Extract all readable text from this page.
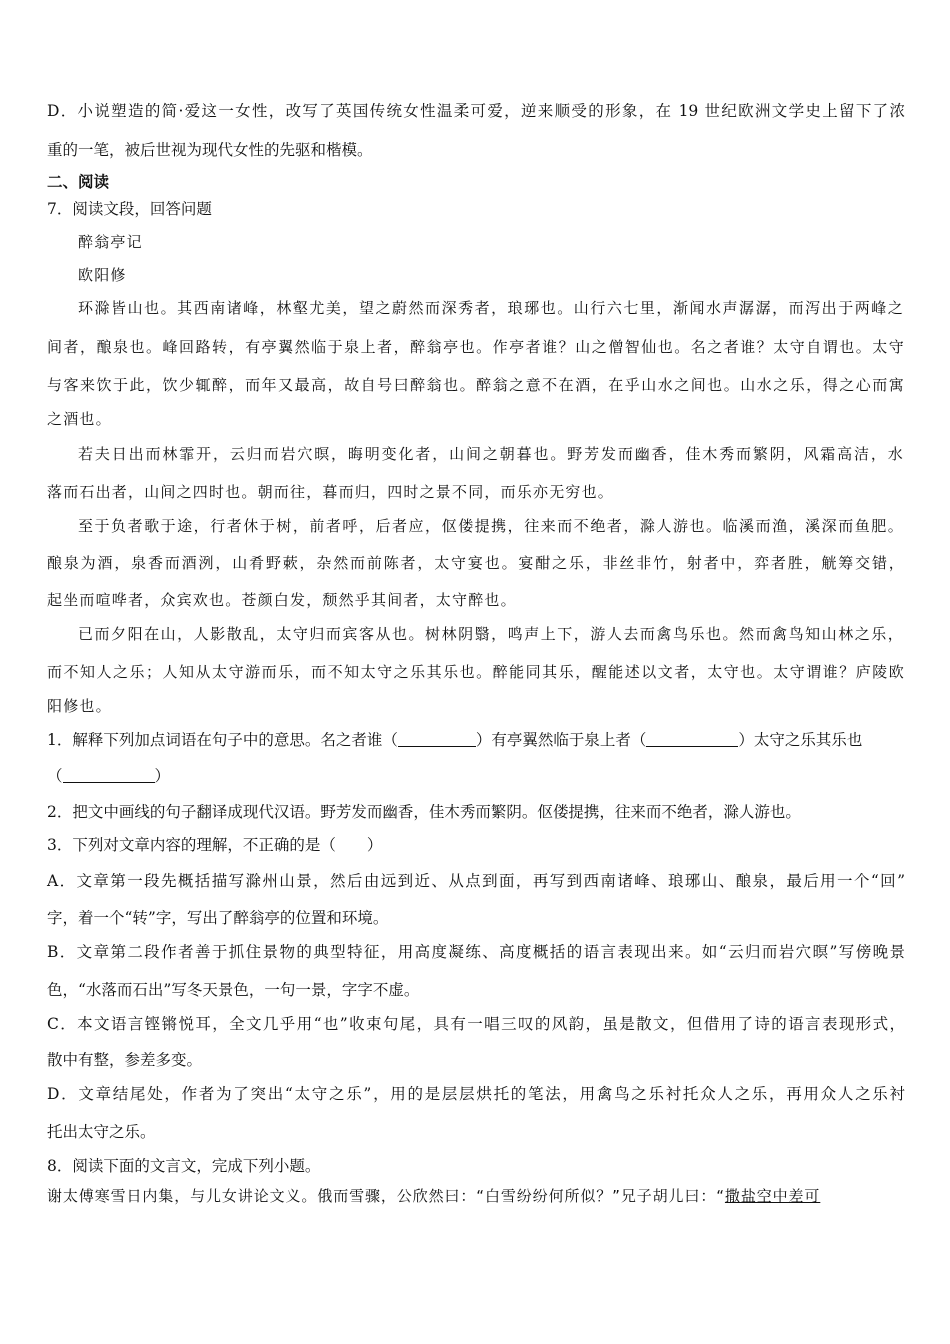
D．小说塑造的简·爱这一女性，改写了英国传统女性温柔可爱，逆来顺受的形象，在 19 世纪欧洲文学史上留下了浓
重的一笔，被后世视为现代女性的先驱和楷模。
二、阅读
7．阅读文段，回答问题
醉翁亭记
欧阳修
环滁皆山也。其西南诸峰，林壑尤美，望之蔚然而深秀者，琅琊也。山行六七里，渐闻水声潺潺，而泻出于两峰之
间者，酿泉也。峰回路转，有亭翼然临于泉上者，醉翁亭也。作亭者谁？山之僧智仙也。名之者谁？太守自谓也。太守
与客来饮于此，饮少辄醉，而年又最高，故自号曰醉翁也。醉翁之意不在酒，在乎山水之间也。山水之乐，得之心而寓
之酒也。
若夫日出而林霏开，云归而岩穴暝，晦明变化者，山间之朝暮也。野芳发而幽香，佳木秀而繁阴，风霜高洁，水
落而石出者，山间之四时也。朝而往，暮而归，四时之景不同，而乐亦无穷也。
至于负者歌于途，行者休于树，前者呼，后者应，伛偻提携，往来而不绝者，滁人游也。临溪而渔，溪深而鱼肥。
酿泉为酒，泉香而酒洌，山肴野蔌，杂然而前陈者，太守宴也。宴酣之乐，非丝非竹，射者中，弈者胜，觥筹交错，
起坐而喧哗者，众宾欢也。苍颜白发，颓然乎其间者，太守醉也。
已而夕阳在山，人影散乱，太守归而宾客从也。树林阴翳，鸣声上下，游人去而禽鸟乐也。然而禽鸟知山林之乐，
而不知人之乐；人知从太守游而乐，而不知太守之乐其乐也。醉能同其乐，醒能述以文者，太守也。太守谓谁？庐陵欧
阳修也。
1．解释下列加点词语在句子中的意思。名之者谁（	）有亭翼然临于泉上者（	）太守之乐其乐也
（	）
2．把文中画线的句子翻译成现代汉语。野芳发而幽香，佳木秀而繁阴。伛偻提携，往来而不绝者，滁人游也。
3．下列对文章内容的理解，不正确的是（　　）
A．文章第一段先概括描写滁州山景，然后由远到近、从点到面，再写到西南诸峰、琅琊山、酿泉，最后用一个“回”
字，着一个“转”字，写出了醉翁亭的位置和环境。
B．文章第二段作者善于抓住景物的典型特征，用高度凝练、高度概括的语言表现出来。如“云归而岩穴暝”写傍晚景
色，“水落而石出”写冬天景色，一句一景，字字不虚。
C．本文语言铿锵悦耳，全文几乎用“也”收束句尾，具有一唱三叹的风韵，虽是散文，但借用了诗的语言表现形式，
散中有整，参差多变。
D．文章结尾处，作者为了突出“太守之乐”，用的是层层烘托的笔法，用禽鸟之乐衬托众人之乐，再用众人之乐衬
托出太守之乐。
8．阅读下面的文言文，完成下列小题。
谢太傅寒雪日内集，与儿女讲论文义。俄而雪骤，公欣然曰：“白雪纷纷何所似？”兄子胡儿曰：“撒盐空中差可
